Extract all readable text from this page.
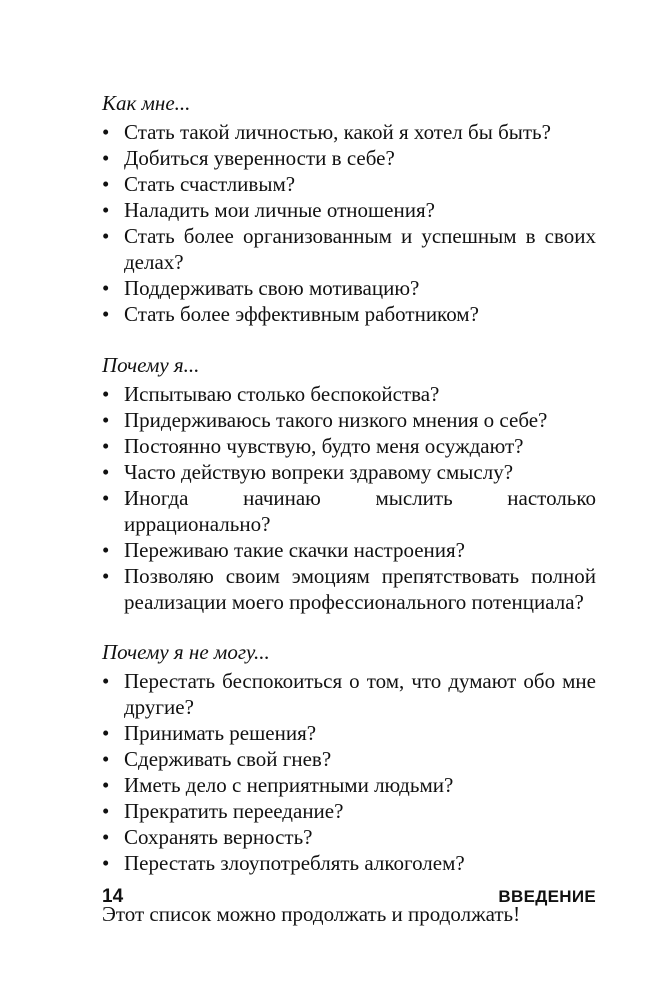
Как мне...
• Стать такой личностью, какой я хотел бы быть?
• Добиться уверенности в себе?
• Стать счастливым?
• Наладить мои личные отношения?
• Стать более организованным и успешным в своих делах?
• Поддерживать свою мотивацию?
• Стать более эффективным работником?
Почему я...
• Испытываю столько беспокойства?
• Придерживаюсь такого низкого мнения о себе?
• Постоянно чувствую, будто меня осуждают?
• Часто действую вопреки здравому смыслу?
• Иногда начинаю мыслить настолько иррационально?
• Переживаю такие скачки настроения?
• Позволяю своим эмоциям препятствовать полной реализации моего профессионального потенциала?
Почему я не могу...
• Перестать беспокоиться о том, что думают обо мне другие?
• Принимать решения?
• Сдерживать свой гнев?
• Иметь дело с неприятными людьми?
• Прекратить переедание?
• Сохранять верность?
• Перестать злоупотреблять алкоголем?
Этот список можно продолжать и продолжать!
14	ВВЕДЕНИЕ
